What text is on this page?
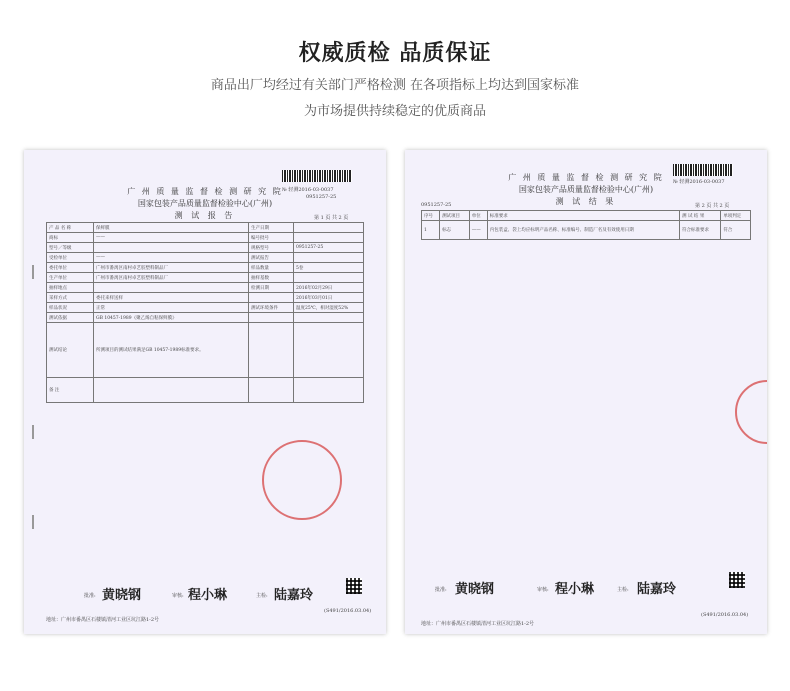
权威质检 品质保证
商品出厂均经过有关部门严格检测 在各项指标上均达到国家标准
为市场提供持续稳定的优质商品
№ 轻测2016-03-0037
0951257-25
广 州 质 量 监 督 检 测 研 究 院
国家包装产品质量监督检验中心(广州)
测 试 报 告	第 1 页 共 2 页
产 品 名 称	保鲜膜	生产日期	
商标	——	编号批号	
型号／等级		规格型号	0951257-25
受检单位	——	测试报告	
委托单位	广州市番禺区南村卓艺胶塑料制品厂	样品数量	5卷
生产单位	广州市番禺区南村卓艺胶塑料制品厂	抽样基数	
抽样地点		检测日期	2016年02月29日
采样方式	委托来样送样		2016年03月01日
样品状况	正常	测试环境条件	温度25℃，相对湿度52%
测试依据	GB 10457-1989《聚乙烯自粘保鲜膜》		
测试结论	所测项目的测试结果满足GB 10457-1989标准要求。		
备 注			
批准: 黄晓钢	审核: 程小琳	主检: 陆嘉玲
地址：广州市番禺区石楼镇清河工业区坑江路1-2号
(S491/2016.03.04)
№ 轻测2016-03-0037
广 州 质 量 监 督 检 测 研 究 院
国家包装产品质量监督检验中心(广州)
测 试 结 果
0951257-25	第 2 页 共 2 页
序号	测试项目	单位	标准要求	测 试 结 果	单项判定
1	标志	——	内包装盒、袋上均应标明产品名称、标准编号、制造厂名及有效使用日期	符合标准要求	符合
批准: 黄晓钢	审核: 程小琳	主检: 陆嘉玲
地址：广州市番禺区石楼镇清河工业区坑江路1-2号
(S491/2016.03.04)
